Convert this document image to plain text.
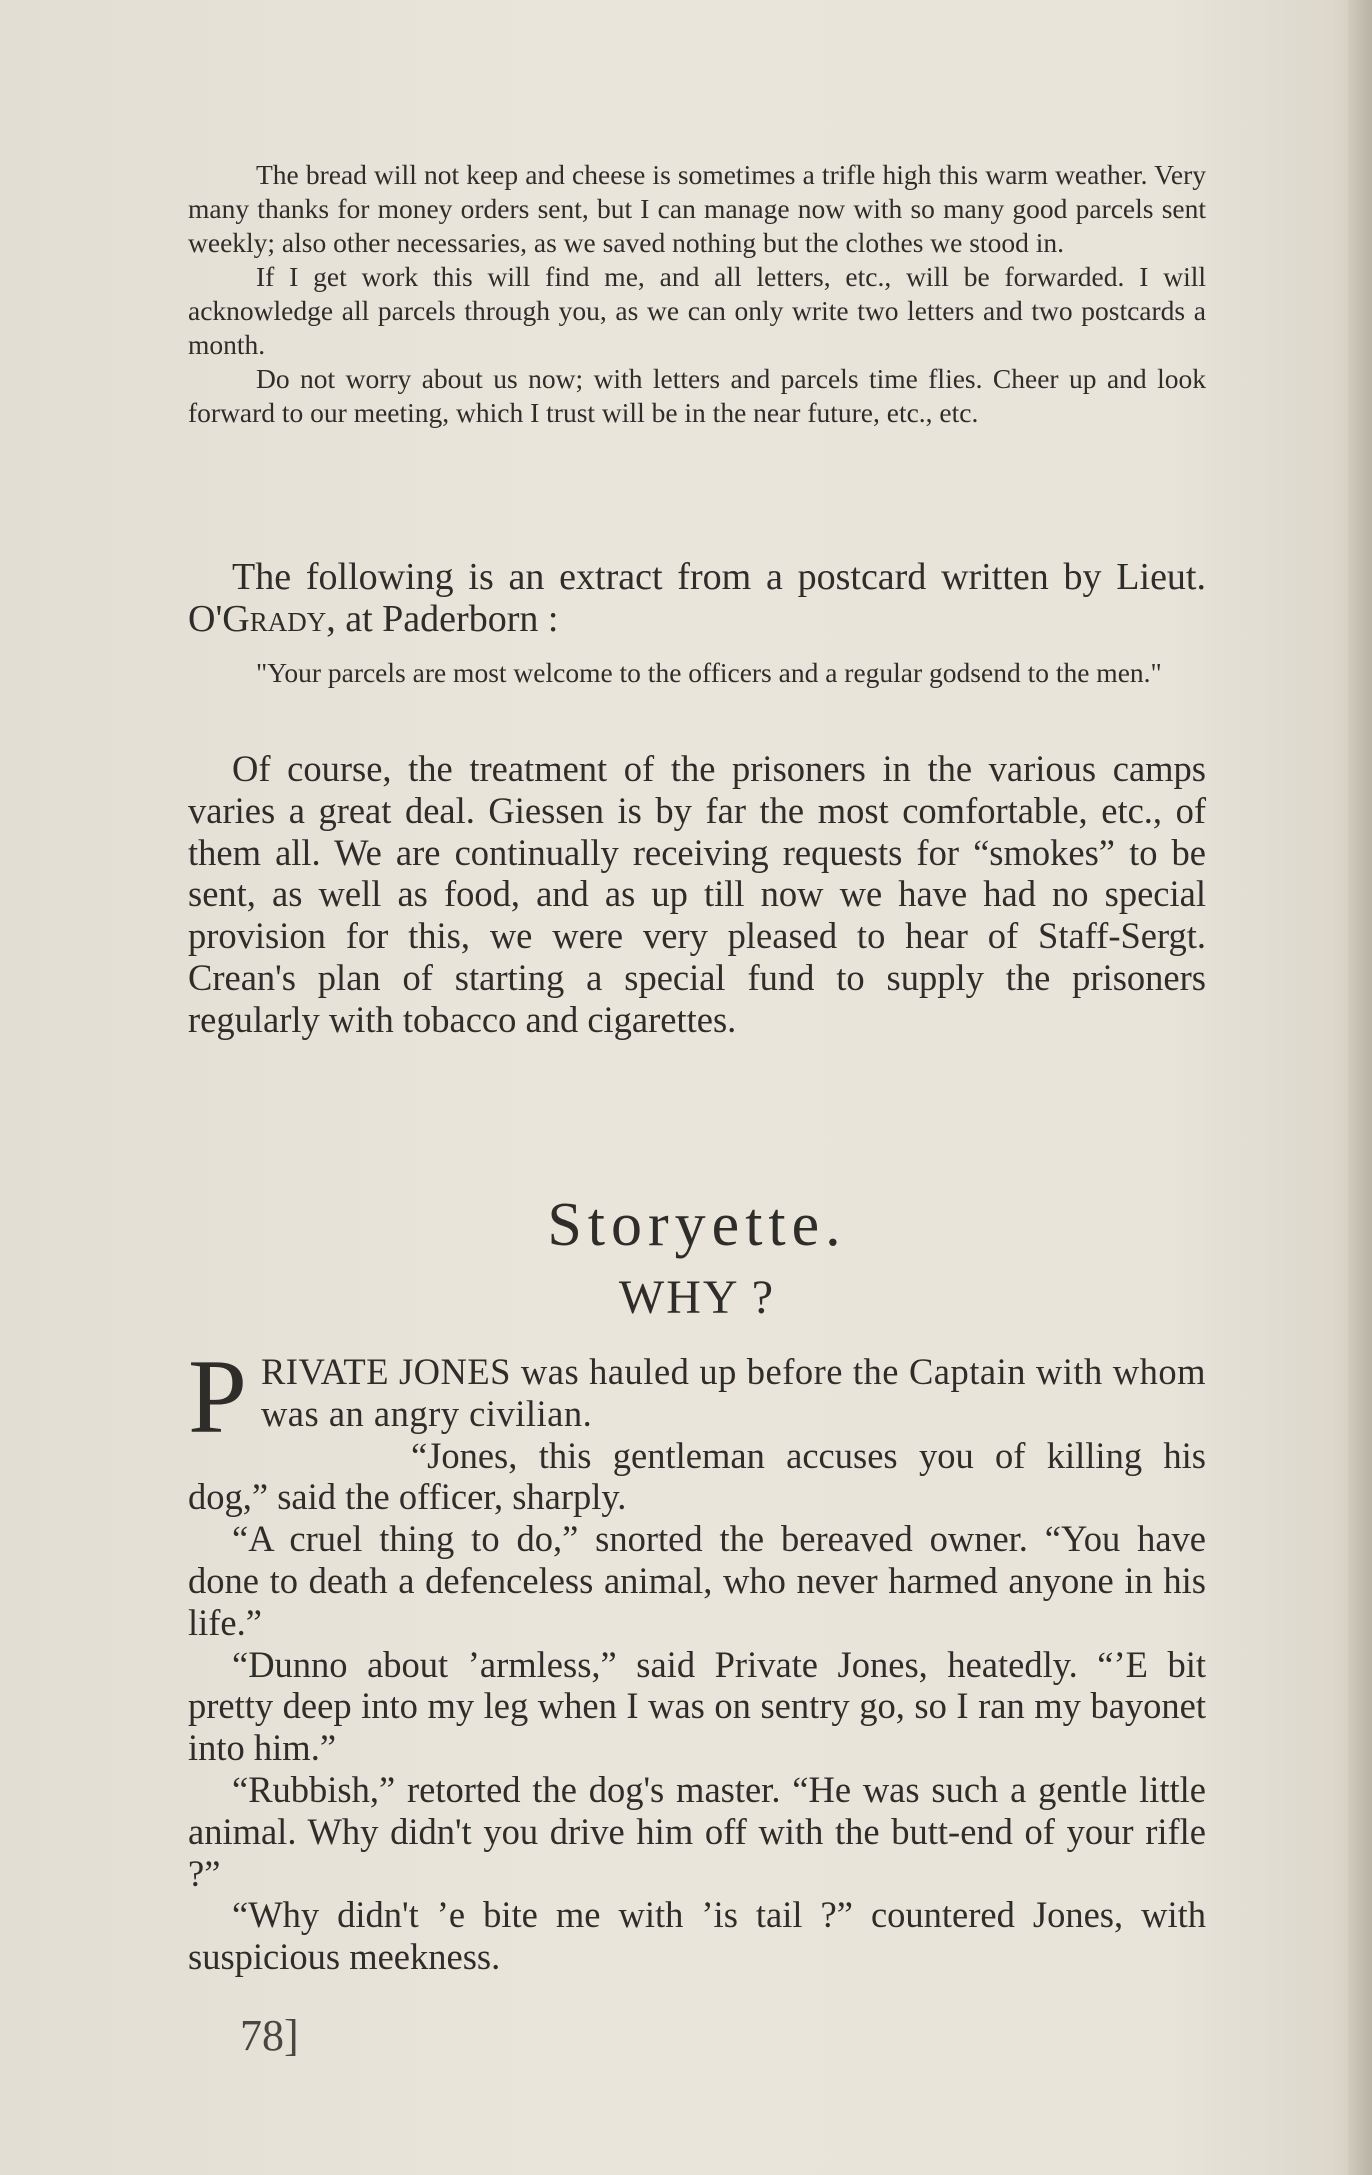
The bread will not keep and cheese is sometimes a trifle high this warm weather. Very many thanks for money orders sent, but I can manage now with so many good parcels sent weekly; also other necessaries, as we saved nothing but the clothes we stood in.

If I get work this will find me, and all letters, etc., will be forwarded. I will acknowledge all parcels through you, as we can only write two letters and two postcards a month.

Do not worry about us now; with letters and parcels time flies. Cheer up and look forward to our meeting, which I trust will be in the near future, etc., etc.

The following is an extract from a postcard written by Lieut. O'Grady, at Paderborn :

"Your parcels are most welcome to the officers and a regular godsend to the men."

Of course, the treatment of the prisoners in the various camps varies a great deal. Giessen is by far the most comfortable, etc., of them all. We are continually receiving requests for “smokes” to be sent, as well as food, and as up till now we have had no special provision for this, we were very pleased to hear of Staff-Sergt. Crean's plan of starting a special fund to supply the prisoners regularly with tobacco and cigarettes.

Storyette.
WHY ?

PRIVATE JONES was hauled up before the Captain with whom was an angry civilian.

“Jones, this gentleman accuses you of killing his dog,” said the officer, sharply.

“A cruel thing to do,” snorted the bereaved owner. “You have done to death a defenceless animal, who never harmed anyone in his life.”

“Dunno about ’armless,” said Private Jones, heatedly. “’E bit pretty deep into my leg when I was on sentry go, so I ran my bayonet into him.”

“Rubbish,” retorted the dog's master. “He was such a gentle little animal. Why didn't you drive him off with the butt-end of your rifle ?”

“Why didn't ’e bite me with ’is tail ?” countered Jones, with suspicious meekness.

78]
